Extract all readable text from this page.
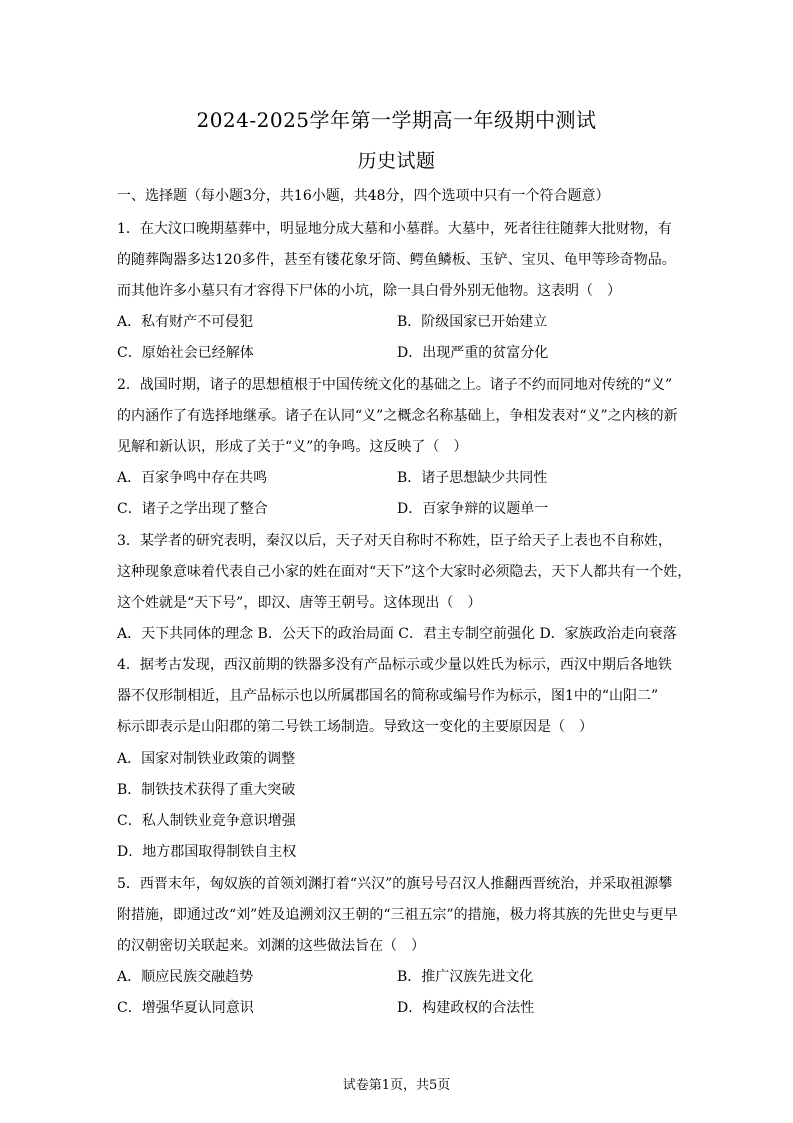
2024-2025学年第一学期高一年级期中测试
历史试题
一、选择题（每小题3分，共16小题，共48分，四个选项中只有一个符合题意）
1．在大汶口晚期墓葬中，明显地分成大墓和小墓群。大墓中，死者往往随葬大批财物，有
的随葬陶器多达120多件，甚至有镂花象牙筒、鳄鱼鳞板、玉铲、宝贝、龟甲等珍奇物品。
而其他许多小墓只有才容得下尸体的小坑，除一具白骨外别无他物。这表明（　）
A．私有财产不可侵犯	B．阶级国家已开始建立
C．原始社会已经解体	D．出现严重的贫富分化
2．战国时期，诸子的思想植根于中国传统文化的基础之上。诸子不约而同地对传统的“义”
的内涵作了有选择地继承。诸子在认同“义”之概念名称基础上，争相发表对“义”之内核的新
见解和新认识，形成了关于“义”的争鸣。这反映了（　）
A．百家争鸣中存在共鸣	B．诸子思想缺少共同性
C．诸子之学出现了整合	D．百家争辩的议题单一
3．某学者的研究表明，秦汉以后，天子对天自称时不称姓，臣子给天子上表也不自称姓，
这种现象意味着代表自己小家的姓在面对“天下”这个大家时必须隐去，天下人都共有一个姓，
这个姓就是“天下号”，即汉、唐等王朝号。这体现出（　）
A．天下共同体的理念 B．公天下的政治局面 C．君主专制空前强化 D．家族政治走向衰落
4．据考古发现，西汉前期的铁器多没有产品标示或少量以姓氏为标示，西汉中期后各地铁
器不仅形制相近，且产品标示也以所属郡国名的简称或编号作为标示，图1中的“山阳二”
标示即表示是山阳郡的第二号铁工场制造。导致这一变化的主要原因是（　）
A．国家对制铁业政策的调整
B．制铁技术获得了重大突破
C．私人制铁业竞争意识增强
D．地方郡国取得制铁自主权
5．西晋末年，匈奴族的首领刘渊打着“兴汉”的旗号号召汉人推翻西晋统治，并采取祖源攀
附措施，即通过改“刘”姓及追溯刘汉王朝的“三祖五宗”的措施，极力将其族的先世史与更早
的汉朝密切关联起来。刘渊的这些做法旨在（　）
A．顺应民族交融趋势	B．推广汉族先进文化
C．增强华夏认同意识	D．构建政权的合法性
试卷第1页，共5页
